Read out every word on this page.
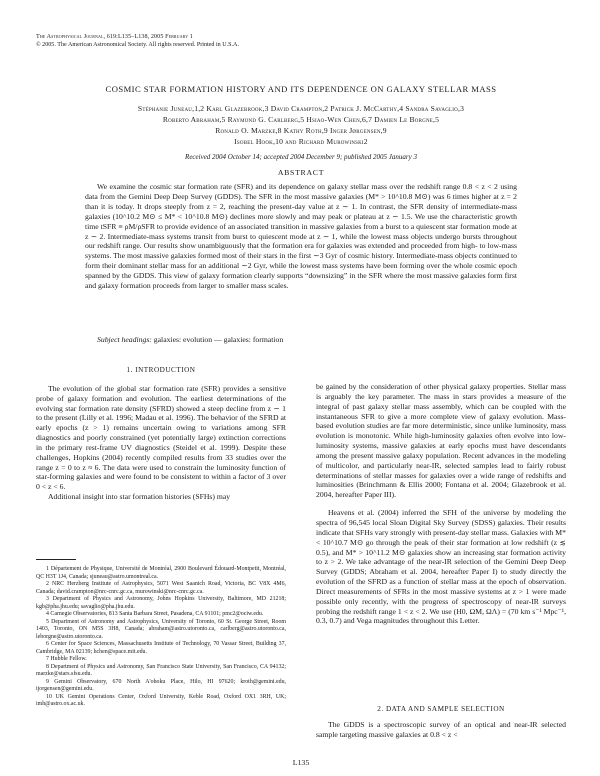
The Astrophysical Journal, 619:L135–L138, 2005 February 1
© 2005. The American Astronomical Society. All rights reserved. Printed in U.S.A.
COSMIC STAR FORMATION HISTORY AND ITS DEPENDENCE ON GALAXY STELLAR MASS
Stéphanie Juneau,1,2 Karl Glazebrook,3 David Crampton,2 Patrick J. McCarthy,4 Sandra Savaglio,3
Roberto Abraham,5 Raymond G. Carlberg,5 Hsiao-Wen Chen,6,7 Damien Le Borgne,5
Ronald O. Marzke,8 Kathy Roth,9 Inger Jørgensen,9
Isobel Hook,10 and Richard Murowinski2
Received 2004 October 14; accepted 2004 December 9; published 2005 January 3
ABSTRACT

We examine the cosmic star formation rate (SFR) and its dependence on galaxy stellar mass over the redshift range 0.8 < z < 2 using data from the Gemini Deep Deep Survey (GDDS). The SFR in the most massive galaxies (M* > 10^10.8 M⊙) was 6 times higher at z = 2 than it is today. It drops steeply from z = 2, reaching the present-day value at z ∼ 1. In contrast, the SFR density of intermediate-mass galaxies (10^10.2 M⊙ ≤ M* < 10^10.8 M⊙) declines more slowly and may peak or plateau at z ∼ 1.5. We use the characteristic growth time tSFR ≡ ρM/ρSFR to provide evidence of an associated transition in massive galaxies from a burst to a quiescent star formation mode at z ∼ 2. Intermediate-mass systems transit from burst to quiescent mode at z ∼ 1, while the lowest mass objects undergo bursts throughout our redshift range. Our results show unambiguously that the formation era for galaxies was extended and proceeded from high- to low-mass systems. The most massive galaxies formed most of their stars in the first ∼3 Gyr of cosmic history. Intermediate-mass objects continued to form their dominant stellar mass for an additional ∼2 Gyr, while the lowest mass systems have been forming over the whole cosmic epoch spanned by the GDDS. This view of galaxy formation clearly supports “downsizing” in the SFR where the most massive galaxies form first and galaxy formation proceeds from larger to smaller mass scales.

Subject headings: galaxies: evolution — galaxies: formation
1. INTRODUCTION

The evolution of the global star formation rate (SFR) provides a sensitive probe of galaxy formation and evolution. The earliest determinations of the evolving star formation rate density (SFRD) showed a steep decline from z ∼ 1 to the present (Lilly et al. 1996; Madau et al. 1996). The behavior of the SFRD at early epochs (z > 1) remains uncertain owing to variations among SFR diagnostics and poorly constrained (yet potentially large) extinction corrections in the primary rest-frame UV diagnostics (Steidel et al. 1999). Despite these challenges, Hopkins (2004) recently compiled results from 33 studies over the range z = 0 to z ≈ 6. The data were used to constrain the luminosity function of star-forming galaxies and were found to be consistent to within a factor of 3 over 0 < z < 6.

Additional insight into star formation histories (SFHs) may

1 Département de Physique, Université de Montréal, 2900 Boulevard Édouard-Montpetit, Montréal, QC H3T 1J4, Canada; sjuneau@astro.umontreal.ca.

2 NRC Herzberg Institute of Astrophysics, 5071 West Saanich Road, Victoria, BC V8X 4M6, Canada; david.crampton@nrc-cnrc.gc.ca, murowinski@nrc-cnrc.gc.ca.

3 Department of Physics and Astronomy, Johns Hopkins University, Baltimore, MD 21218; kgb@pha.jhu.edu; savaglio@pha.jhu.edu.

4 Carnegie Observatories, 813 Santa Barbara Street, Pasadena, CA 91101; pmc2@ociw.edu.

5 Department of Astronomy and Astrophysics, University of Toronto, 60 St. George Street, Room 1403, Toronto, ON M5S 3H8, Canada; abraham@astro.utoronto.ca, carlberg@astro.utoronto.ca, leborgne@astro.utoronto.ca.

6 Center for Space Sciences, Massachusetts Institute of Technology, 70 Vassar Street, Building 37, Cambridge, MA 02139; hchen@space.mit.edu.

7 Hubble Fellow.

8 Department of Physics and Astronomy, San Francisco State University, San Francisco, CA 94132; marzke@stars.sfsu.edu.

9 Gemini Observatory, 670 North A'ohoku Place, Hilo, HI 97620; kroth@gemini.edu, ijorgensen@gemini.edu.

10 UK Gemini Operations Center, Oxford University, Keble Road, Oxford OX1 3RH, UK; imh@astro.ox.ac.uk.

be gained by the consideration of other physical galaxy properties. Stellar mass is arguably the key parameter. The mass in stars provides a measure of the integral of past galaxy stellar mass assembly, which can be coupled with the instantaneous SFR to give a more complete view of galaxy evolution. Mass-based evolution studies are far more deterministic, since unlike luminosity, mass evolution is monotonic. While high-luminosity galaxies often evolve into low-luminosity systems, massive galaxies at early epochs must have descendants among the present massive galaxy population. Recent advances in the modeling of multicolor, and particularly near-IR, selected samples lead to fairly robust determinations of stellar masses for galaxies over a wide range of redshifts and luminosities (Brinchmann & Ellis 2000; Fontana et al. 2004; Glazebrook et al. 2004, hereafter Paper III).

Heavens et al. (2004) inferred the SFH of the universe by modeling the spectra of 96,545 local Sloan Digital Sky Survey (SDSS) galaxies. Their results indicate that SFHs vary strongly with present-day stellar mass. Galaxies with M* < 10^10.7 M⊙ go through the peak of their star formation at low redshift (z ≲ 0.5), and M* > 10^11.2 M⊙ galaxies show an increasing star formation activity to z > 2. We take advantage of the near-IR selection of the Gemini Deep Deep Survey (GDDS; Abraham et al. 2004, hereafter Paper I) to study directly the evolution of the SFRD as a function of stellar mass at the epoch of observation. Direct measurements of SFRs in the most massive systems at z > 1 were made possible only recently, with the progress of spectroscopy of near-IR surveys probing the redshift range 1 < z < 2. We use (H0, ΩM, ΩΛ) = (70 km s⁻¹ Mpc⁻¹, 0.3, 0.7) and Vega magnitudes throughout this Letter.

2. DATA AND SAMPLE SELECTION

The GDDS is a spectroscopic survey of an optical and near-IR selected sample targeting massive galaxies at 0.8 < z <

L135
